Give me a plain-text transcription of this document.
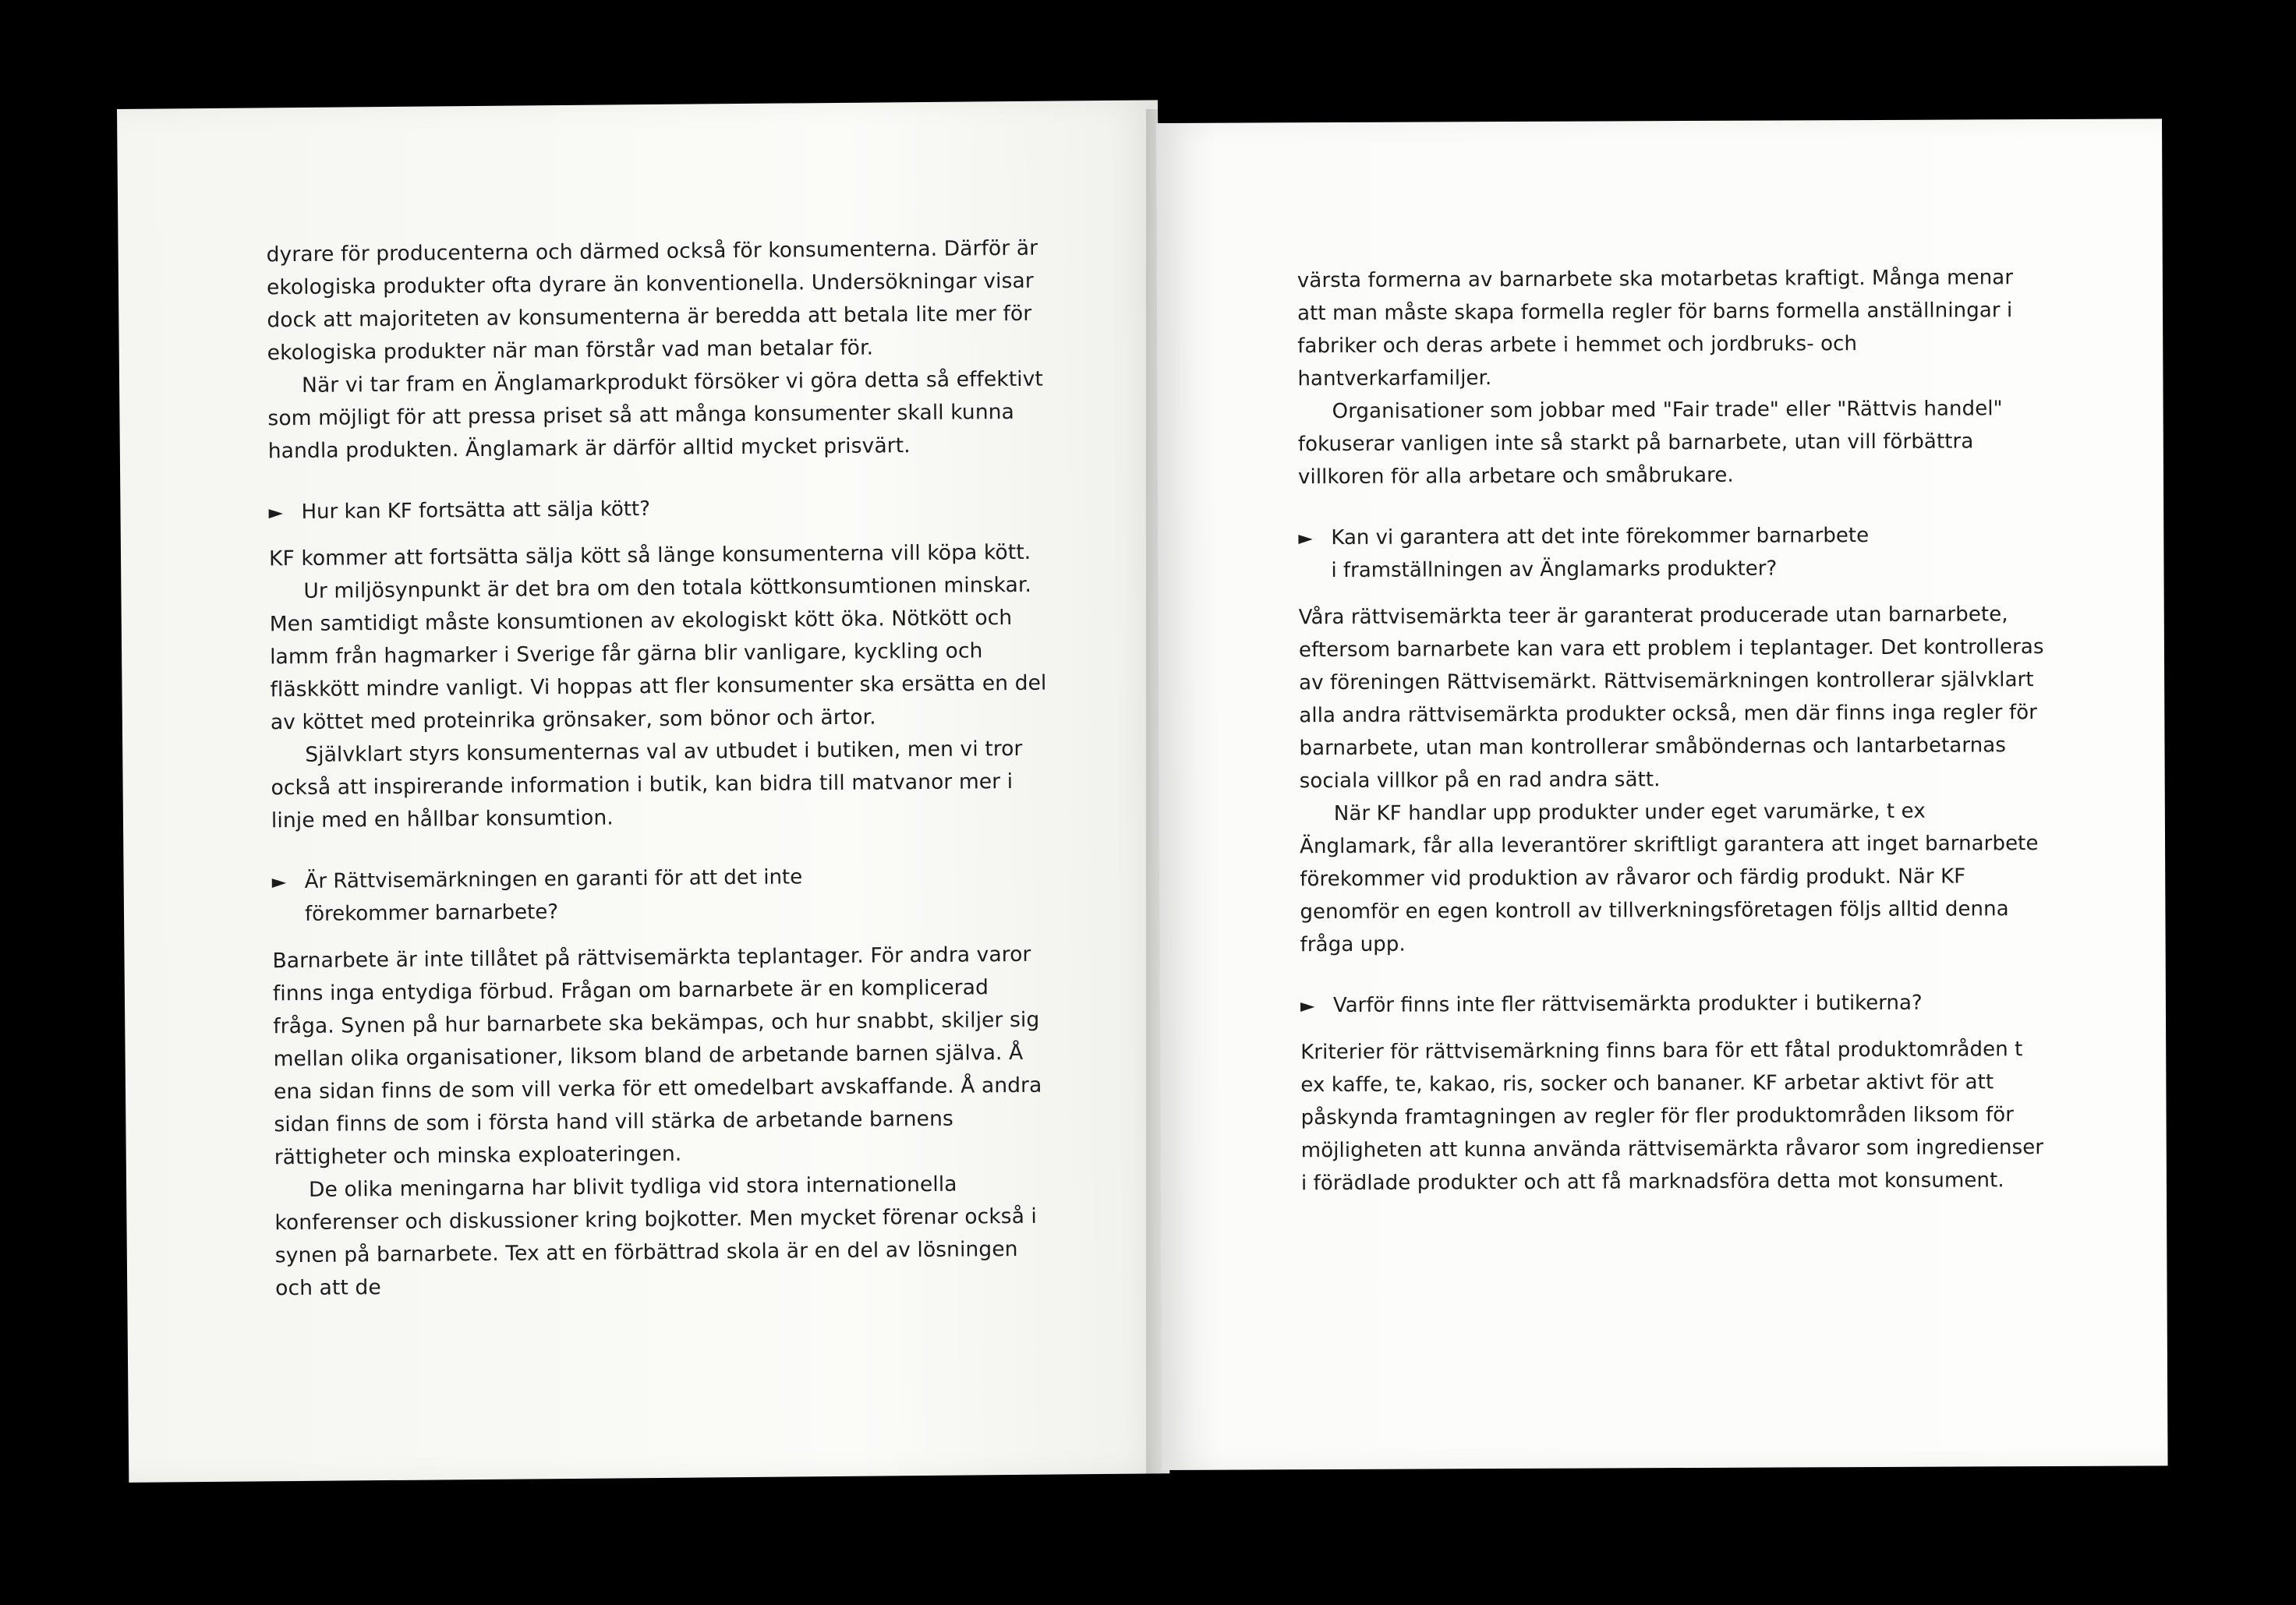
dyrare för producenterna och därmed också för konsumenterna. Därför är ekologiska produkter ofta dyrare än konventionella. Undersökningar visar dock att majoriteten av konsumenterna är beredda att betala lite mer för ekologiska produkter när man förstår vad man betalar för.

När vi tar fram en Änglamarkprodukt försöker vi göra detta så effektivt som möjligt för att pressa priset så att många konsumenter skall kunna handla produkten. Änglamark är därför alltid mycket prisvärt.

► Hur kan KF fortsätta att sälja kött?

KF kommer att fortsätta sälja kött så länge konsumenterna vill köpa kött.

Ur miljösynpunkt är det bra om den totala köttkonsumtionen minskar. Men samtidigt måste konsumtionen av ekologiskt kött öka. Nötkött och lamm från hagmarker i Sverige får gärna blir vanligare, kyckling och fläskkött mindre vanligt. Vi hoppas att fler konsumenter ska ersätta en del av köttet med proteinrika grönsaker, som bönor och ärtor.

Självklart styrs konsumenternas val av utbudet i butiken, men vi tror också att inspirerande information i butik, kan bidra till matvanor mer i linje med en hållbar konsumtion.

► Är Rättvisemärkningen en garanti för att det inte förekommer barnarbete?

Barnarbete är inte tillåtet på rättvisemärkta teplantager. För andra varor finns inga entydiga förbud. Frågan om barnarbete är en komplicerad fråga. Synen på hur barnarbete ska bekämpas, och hur snabbt, skiljer sig mellan olika organisationer, liksom bland de arbetande barnen själva. Å ena sidan finns de som vill verka för ett omedelbart avskaffande. Å andra sidan finns de som i första hand vill stärka de arbetande barnens rättigheter och minska exploateringen.

De olika meningarna har blivit tydliga vid stora internationella konferenser och diskussioner kring bojkotter. Men mycket förenar också i synen på barnarbete. Tex att en förbättrad skola är en del av lösningen och att de

värsta formerna av barnarbete ska motarbetas kraftigt. Många menar att man måste skapa formella regler för barns formella anställningar i fabriker och deras arbete i hemmet och jordbruks- och hantverkarfamiljer.

Organisationer som jobbar med "Fair trade" eller "Rättvis handel" fokuserar vanligen inte så starkt på barnarbete, utan vill förbättra villkoren för alla arbetare och småbrukare.

► Kan vi garantera att det inte förekommer barnarbete i framställningen av Änglamarks produkter?

Våra rättvisemärkta teer är garanterat producerade utan barnarbete, eftersom barnarbete kan vara ett problem i teplantager. Det kontrolleras av föreningen Rättvisemärkt. Rättvisemärkningen kontrollerar självklart alla andra rättvisemärkta produkter också, men där finns inga regler för barnarbete, utan man kontrollerar småböndernas och lantarbetarnas sociala villkor på en rad andra sätt.

När KF handlar upp produkter under eget varumärke, t ex Änglamark, får alla leverantörer skriftligt garantera att inget barnarbete förekommer vid produktion av råvaror och färdig produkt. När KF genomför en egen kontroll av tillverkningsföretagen följs alltid denna fråga upp.

► Varför finns inte fler rättvisemärkta produkter i butikerna?

Kriterier för rättvisemärkning finns bara för ett fåtal produktområden t ex kaffe, te, kakao, ris, socker och bananer. KF arbetar aktivt för att påskynda framtagningen av regler för fler produktområden liksom för möjligheten att kunna använda rättvisemärkta råvaror som ingredienser i förädlade produkter och att få marknadsföra detta mot konsument.
